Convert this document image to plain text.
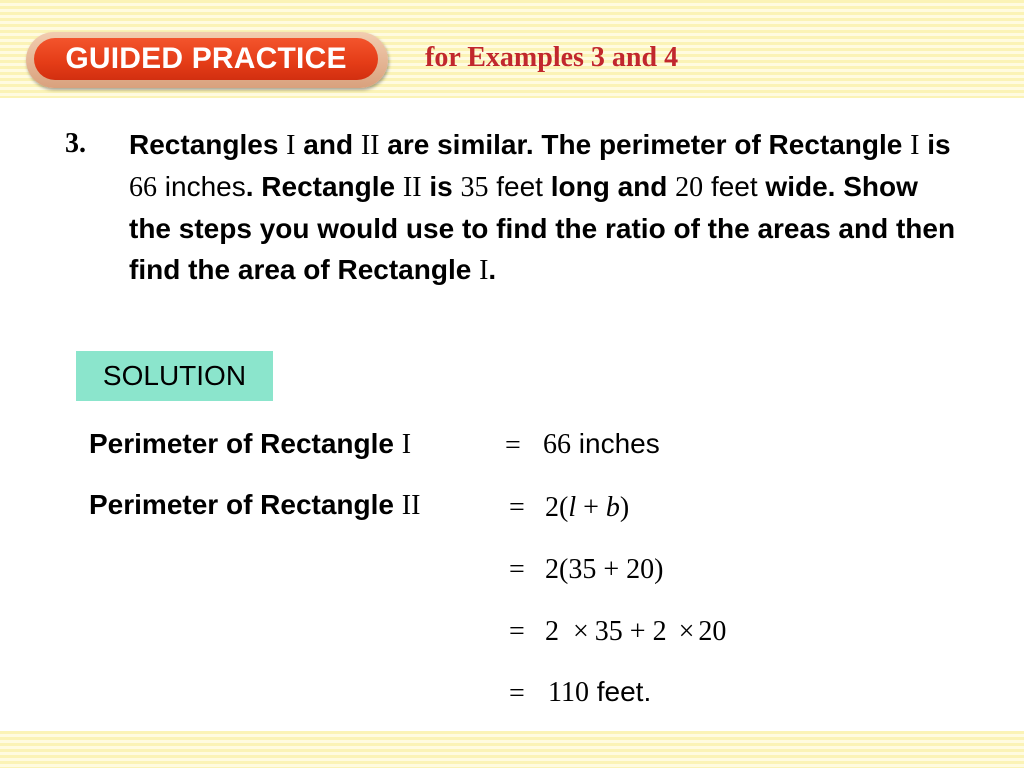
GUIDED PRACTICE	for Examples 3 and 4
3. Rectangles I and II are similar. The perimeter of Rectangle I is 66 inches. Rectangle II is 35 feet long and 20 feet wide. Show the steps you would use to find the ratio of the areas and then find the area of Rectangle I.
SOLUTION
Perimeter of Rectangle I	= 66 inches
Perimeter of Rectangle II	= 2(l + b)
= 2(35 + 20)
= 2 × 35 + 2 × 20
= 110 feet.
